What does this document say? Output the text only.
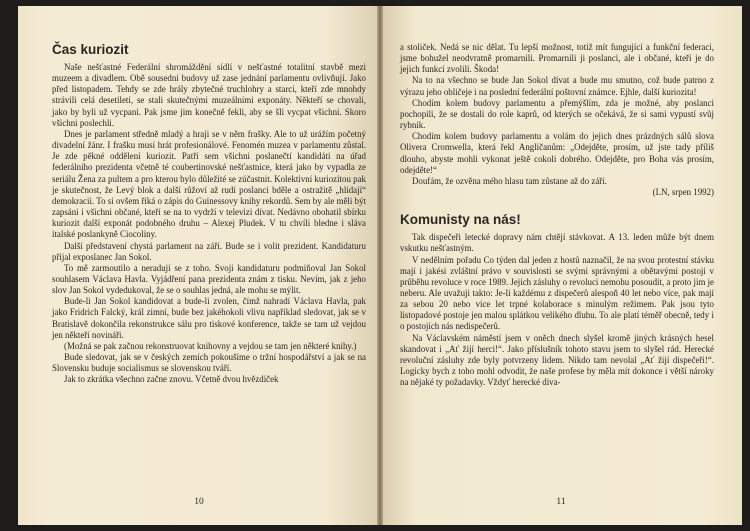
Čas kuriozit

Naše nešťastné Federální shromáždění sídlí v nešťastné totalitní stavbě mezi muzeem a divadlem. Obě sousední budovy už zase jednání parlamentu ovlivňují. Jako před listopadem. Tehdy se zde hrály zbytečné truchlohry a starci, kteří zde mnohdy strávili celá desetiletí, se stali skutečnými muzeálními exponáty. Někteří se chovali, jako by byli už vycpaní. Pak jsme jim konečně fekli, aby se šli vycpat všichni. Skoro všichni poslechli.

Dnes je parlament středně mladý a hraji se v něm frašky. Ale to už urážím početný divadelní žánr. I frašku musí hrát profesionálové. Fenomén muzea v parlamentu zůstal. Je zde pěkné oddělení kuriozit. Patří sem všichni poslanečtí kandidáti na úřad federálního prezidenta včetně té coubertinovské nešťastnice, která jako by vypadla ze seriálu Žena za pultem a pro kterou bylo důležité se zúčastnit. Kolektivní kuriozitou pak je skutečnost, že Levý blok a další růžoví až rudí poslanci bděle a ostražitě „hlídají“ demokracii. To si ovšem říká o zápis do Guinessovy knihy rekordů. Sem by ale měli být zapsáni i všichni občané, kteří se na to vydrží v televizi dívat. Nedávno obohatil sbírku kuriozit další exponát podobného druhu – Alexej Pludek. V tu chvíli bledne i sláva italské poslankyně Ciocoliny.

Další představení chystá parlament na září. Bude se i volit prezident. Kandidaturu přijal exposlanec Jan Sokol.

To mě zarmoutilo a neradují se z toho. Svoji kandidaturu podmiňoval Jan Sokol souhlasem Václava Havla. Vyjádření pana prezidenta znám z tisku. Nevím, jak z jeho slov Jan Sokol vydedukoval, že se o souhlas jedná, ale mohu se mýlit.

Bude-li Jan Sokol kandidovat a bude-li zvolen, čímž nahradí Václava Havla, pak jako Fridrich Falcký, král zimní, bude bez jakéhokoli vlivu například sledovat, jak se v Bratislavě dokončila rekonstrukce sálu pro tiskové konference, takže se tam už vejdou jen někteří novináři.

(Možná se pak začnou rekonstruovat knihovny a vejdou se tam jen některé knihy.)

Bude sledovat, jak se v českých zemích pokoušíme o tržní hospodářství a jak se na Slovensku buduje socialismus se slovenskou tváří.

Jak to zkrátka všechno začne znovu. Včetně dvou hvězdiček

10

a stoliček. Nedá se nic dělat. Tu lepší možnost, totiž mít fungující a funkční federaci, jsme bohužel neodvratně promarnili. Promarnili ji poslanci, ale i občané, kteří je do jejich funkcí zvolili. Škoda!

Na to na všechno se bude Jan Sokol dívat a bude mu smutno, což bude patrno z výrazu jeho obličeje i na poslední federální poštovní známce. Ejhle, další kuriozita!

Chodím kolem budovy parlamentu a přemýšlím, zda je možné, aby poslanci pochopili, že se dostali do role kaprů, od kterých se očekává, že si sami vypustí svůj rybník.

Chodím kolem budovy parlamentu a volám do jejich dnes prázdných sálů slova Olivera Cromwella, která řekl Angličanům: „Odejděte, prosím, už jste tady příliš dlouho, abyste mohli vykonat ještě cokoli dobrého. Odejděte, pro Boha vás prosím, odejděte!“

Doufám, že ozvěna mého hlasu tam zůstane až do září.

(LN, srpen 1992)

Komunisty na nás!

Tak dispečeři letecké dopravy nám chtějí stávkovat. A 13. leden může být dnem vskutku nešťastným.

V nedělním pořadu Co týden dal jeden z hostů naznačil, že na svou protestní stávku mají i jakési zvláštní právo v souvislosti se svými správnými a obětavými postoji v průběhu revoluce v roce 1989. Jejich zásluhy o revoluci nemohu posoudit, a proto jim je neberu. Ale uvažuji takto: Je-li každému z dispečerů alespoň 40 let nebo více, pak mají za sebou 20 nebo více let trpné kolaborace s minulým režimem. Pak jsou tyto listopadové postoje jen malou splátkou velikého dluhu. To ale platí téměř obecně, tedy i o postojích nás nedispečerů.

Na Václavském náměstí jsem v oněch dnech slyšel kromě jiných krásných hesel skandovat i „Ať žijí herci!“. Jako příslušník tohoto stavu jsem to slyšel rád. Herecké revoluční zásluhy zde byly potvrzeny lidem. Nikdo tam nevolal „Ať žijí dispečeři!“. Logicky bych z toho mohl odvodit, že naše profese by měla mít dokonce i větší nároky na nějaké ty požadavky. Vždyť herecké diva-

11
